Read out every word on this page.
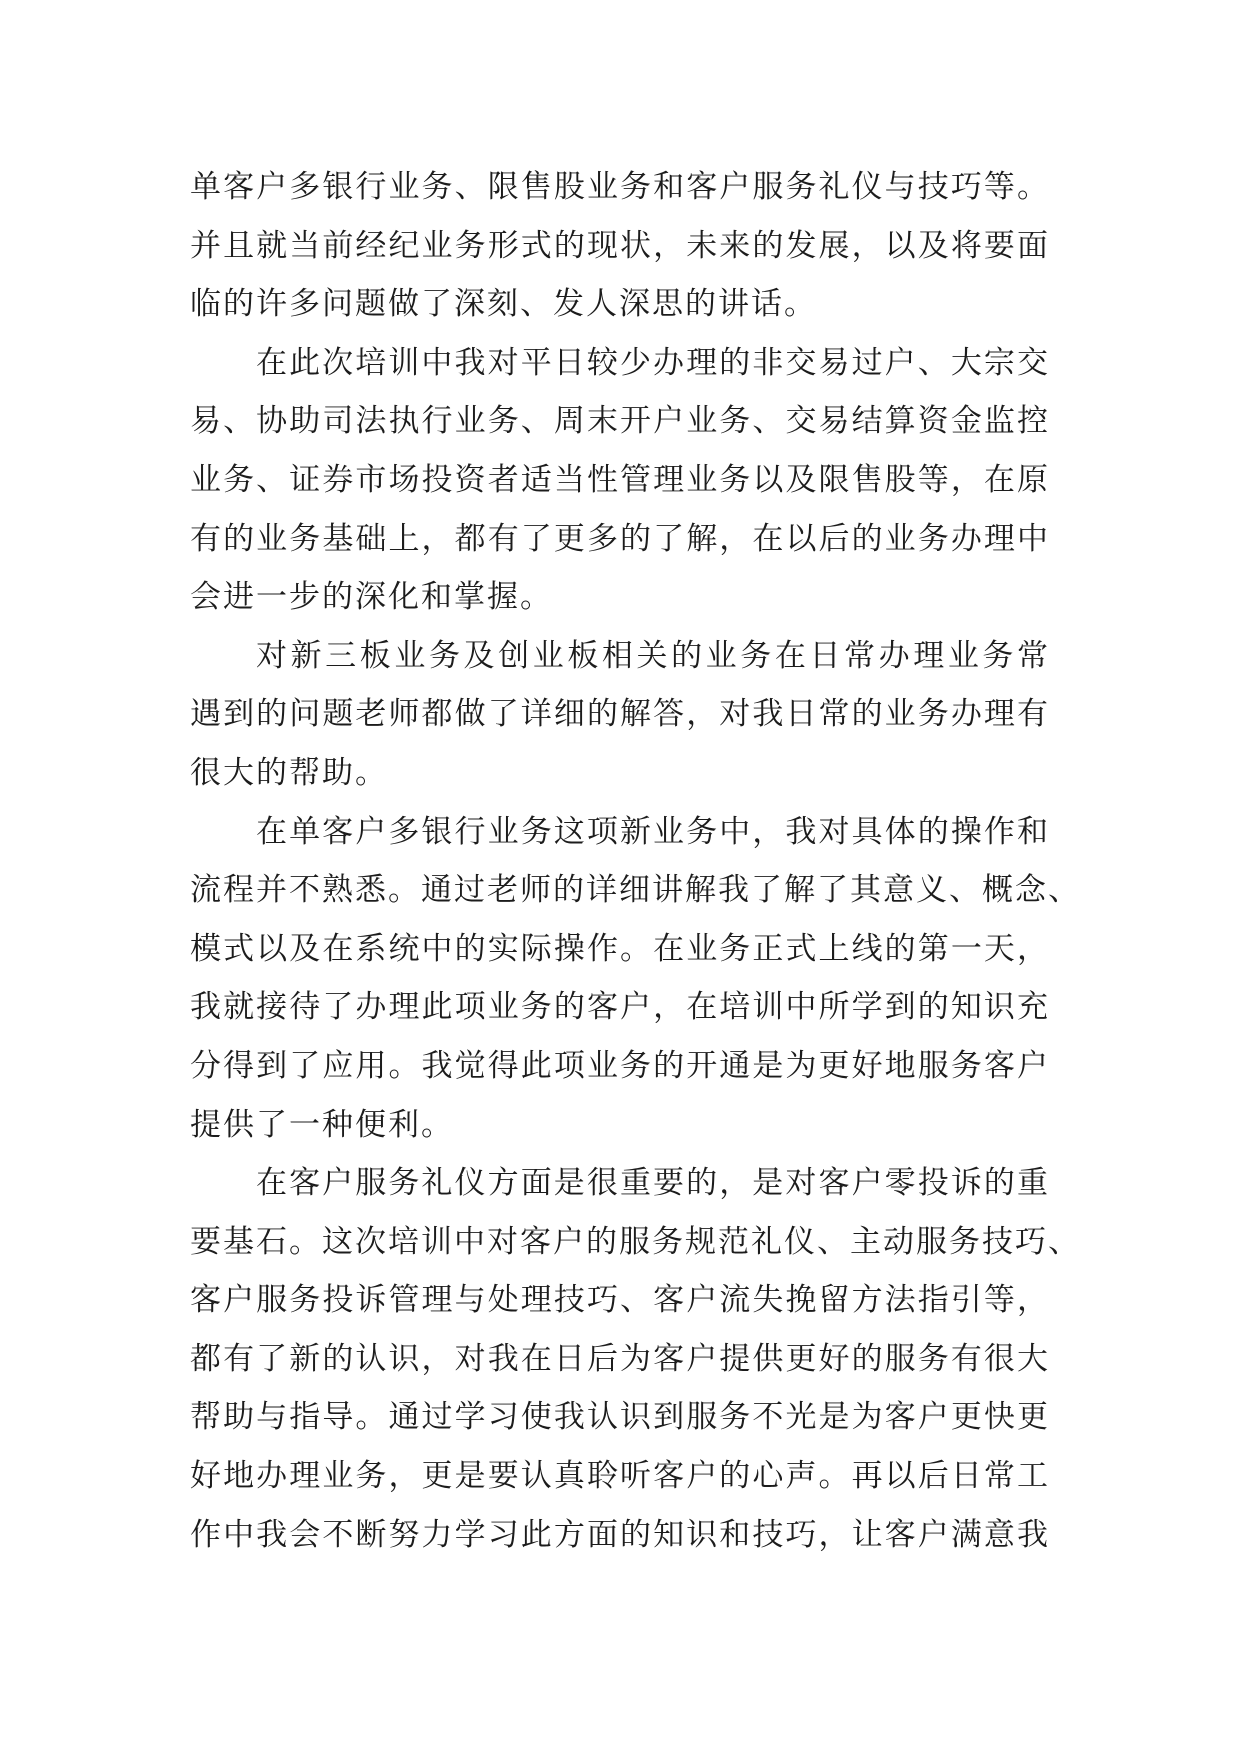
单客户多银行业务、限售股业务和客户服务礼仪与技巧等。
并且就当前经纪业务形式的现状，未来的发展，以及将要面
临的许多问题做了深刻、发人深思的讲话。
在此次培训中我对平日较少办理的非交易过户、大宗交
易、协助司法执行业务、周末开户业务、交易结算资金监控
业务、证券市场投资者适当性管理业务以及限售股等，在原
有的业务基础上，都有了更多的了解，在以后的业务办理中
会进一步的深化和掌握。
对新三板业务及创业板相关的业务在日常办理业务常
遇到的问题老师都做了详细的解答，对我日常的业务办理有
很大的帮助。
在单客户多银行业务这项新业务中，我对具体的操作和
流程并不熟悉。通过老师的详细讲解我了解了其意义、概念、
模式以及在系统中的实际操作。在业务正式上线的第一天，
我就接待了办理此项业务的客户，在培训中所学到的知识充
分得到了应用。我觉得此项业务的开通是为更好地服务客户
提供了一种便利。
在客户服务礼仪方面是很重要的，是对客户零投诉的重
要基石。这次培训中对客户的服务规范礼仪、主动服务技巧、
客户服务投诉管理与处理技巧、客户流失挽留方法指引等，
都有了新的认识，对我在日后为客户提供更好的服务有很大
帮助与指导。通过学习使我认识到服务不光是为客户更快更
好地办理业务，更是要认真聆听客户的心声。再以后日常工
作中我会不断努力学习此方面的知识和技巧，让客户满意我
